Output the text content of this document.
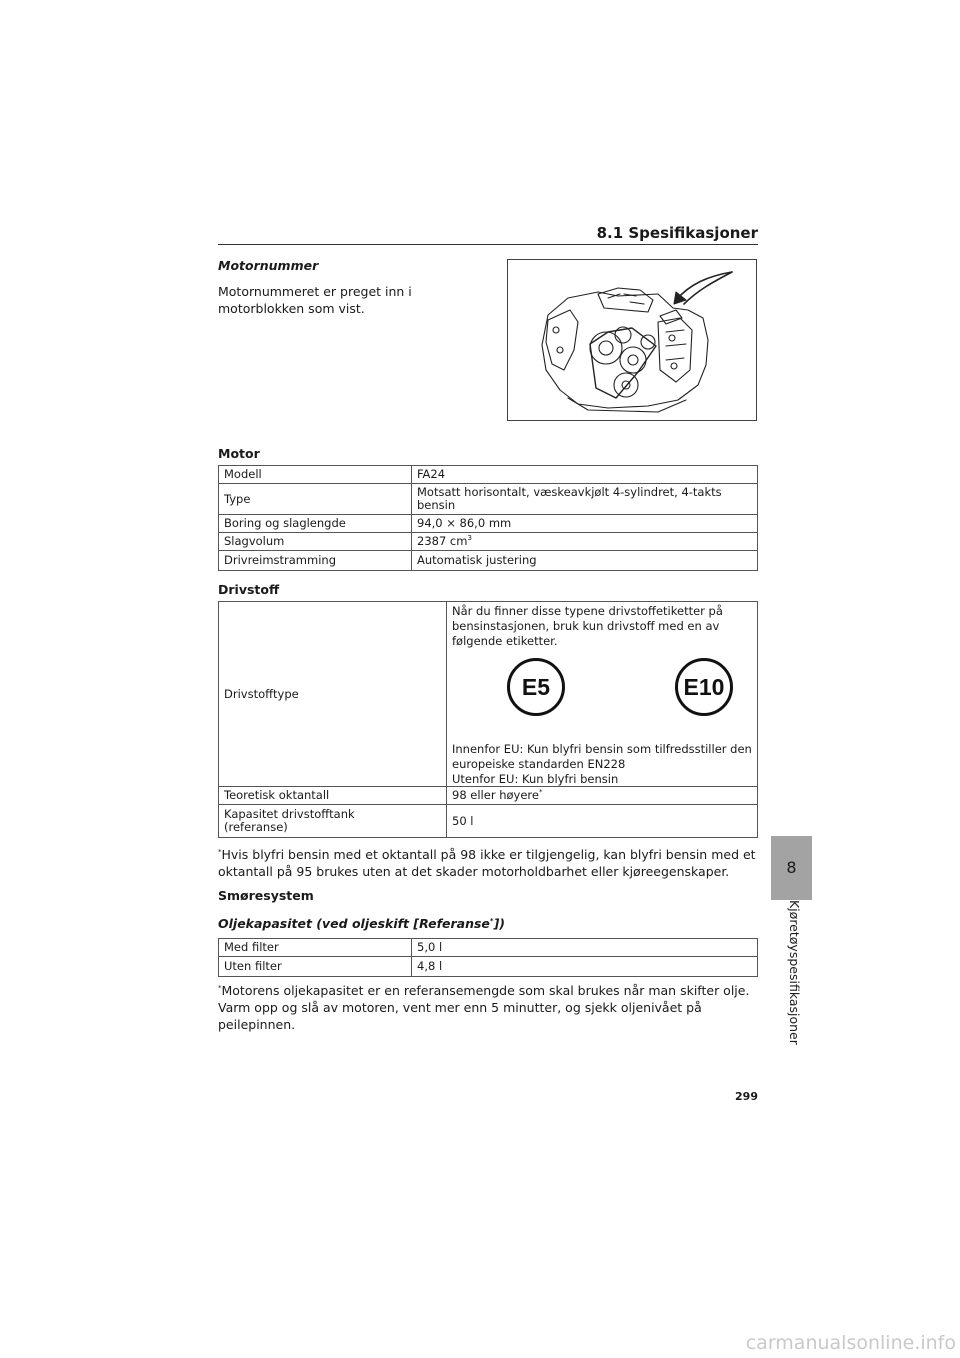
8.1 Spesifikasjoner
Motornummer
Motornummeret er preget inn i
motorblokken som vist.
Motor
Modell	FA24
Type	Motsatt horisontalt, væskeavkjølt 4-sylindret, 4-takts bensin
Boring og slaglengde	94,0 × 86,0 mm
Slagvolum	2387 $cm^3$
Drivreimstramming	Automatisk justering
Drivstoff
Drivstofftype	Når du finner disse typene drivstoffetiketter på bensinstasjonen, bruk kun drivstoff med en av følgende etiketter.
E5 E10
Innenfor EU: Kun blyfri bensin som tilfredsstiller den europeiske standarden EN228
Utenfor EU: Kun blyfri bensin

Teoretisk oktantall	98 eller høyere*
Kapasitet drivstofftank (referanse)	50 l
*Hvis blyfri bensin med et oktantall på 98 ikke er tilgjengelig, kan blyfri bensin med et oktantall på 95 brukes uten at det skader motorholdbarhet eller kjøreegenskaper.
Smøresystem
Oljekapasitet (ved oljeskift [Referanse*])
Med filter	5,0 l
Uten filter	4,8 l
*Motorens oljekapasitet er en referansemengde som skal brukes når man skifter olje. Varm opp og slå av motoren, vent mer enn 5 minutter, og sjekk oljenivået på peilepinnen.
8
Kjøretøyspesifikasjoner
299
carmanualsonline.info
